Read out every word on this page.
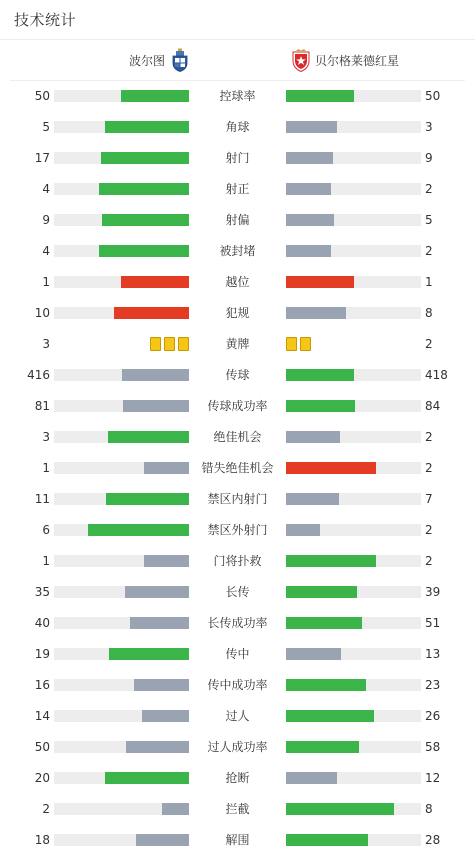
技术统计
波尔图	贝尔格莱德红星
50	控球率	50
5	角球	3
17	射门	9
4	射正	2
9	射偏	5
4	被封堵	2
1	越位	1
10	犯规	8
3	黄牌	2
416	传球	418
81	传球成功率	84
3	绝佳机会	2
1	错失绝佳机会	2
11	禁区内射门	7
6	禁区外射门	2
1	门将扑救	2
35	长传	39
40	长传成功率	51
19	传中	13
16	传中成功率	23
14	过人	26
50	过人成功率	58
20	抢断	12
2	拦截	8
18	解围	28
